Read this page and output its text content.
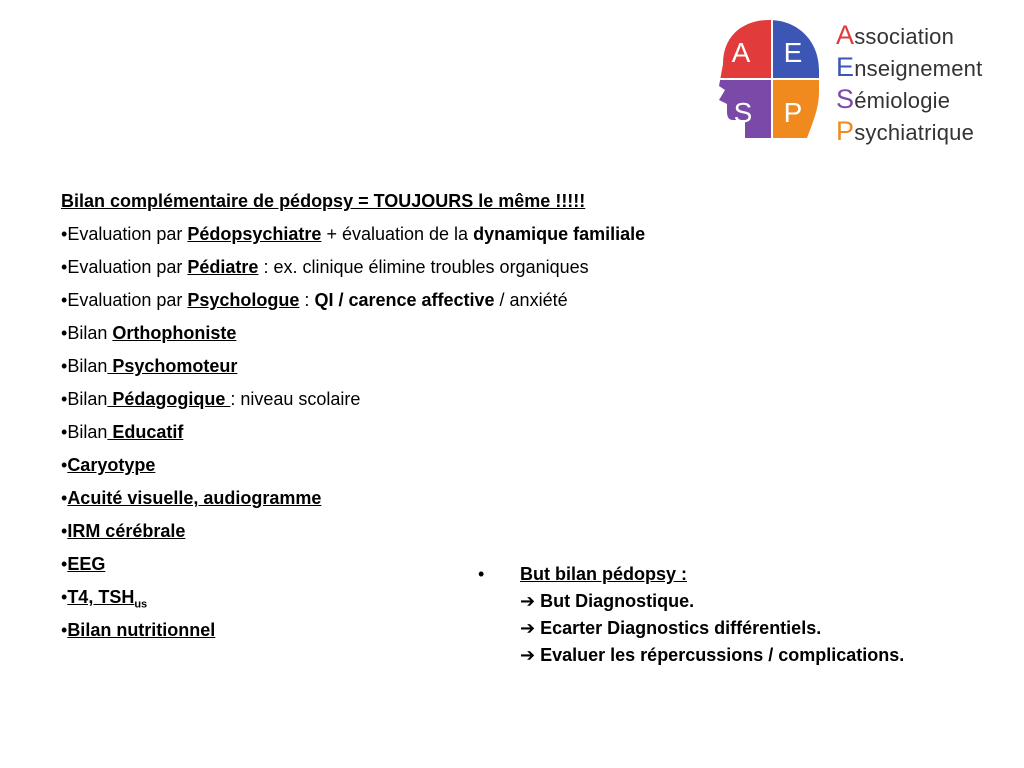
A E
S P
Association
Enseignement
Sémiologie
Psychiatrique
Bilan complémentaire de pédopsy = TOUJOURS le même !!!!!
•Evaluation par Pédopsychiatre + évaluation de la dynamique familiale
•Evaluation par Pédiatre : ex. clinique élimine troubles organiques
•Evaluation par Psychologue : QI / carence affective / anxiété
•Bilan Orthophoniste
•Bilan Psychomoteur
•Bilan Pédagogique : niveau scolaire
•Bilan Educatif
•Caryotype
•Acuité visuelle, audiogramme
•IRM cérébrale
•EEG
•T4, $TSH_{us}$
•Bilan nutritionnel
• But bilan pédopsy :
➔ But Diagnostique.
➔ Ecarter Diagnostics différentiels.
➔ Evaluer les répercussions / complications.
